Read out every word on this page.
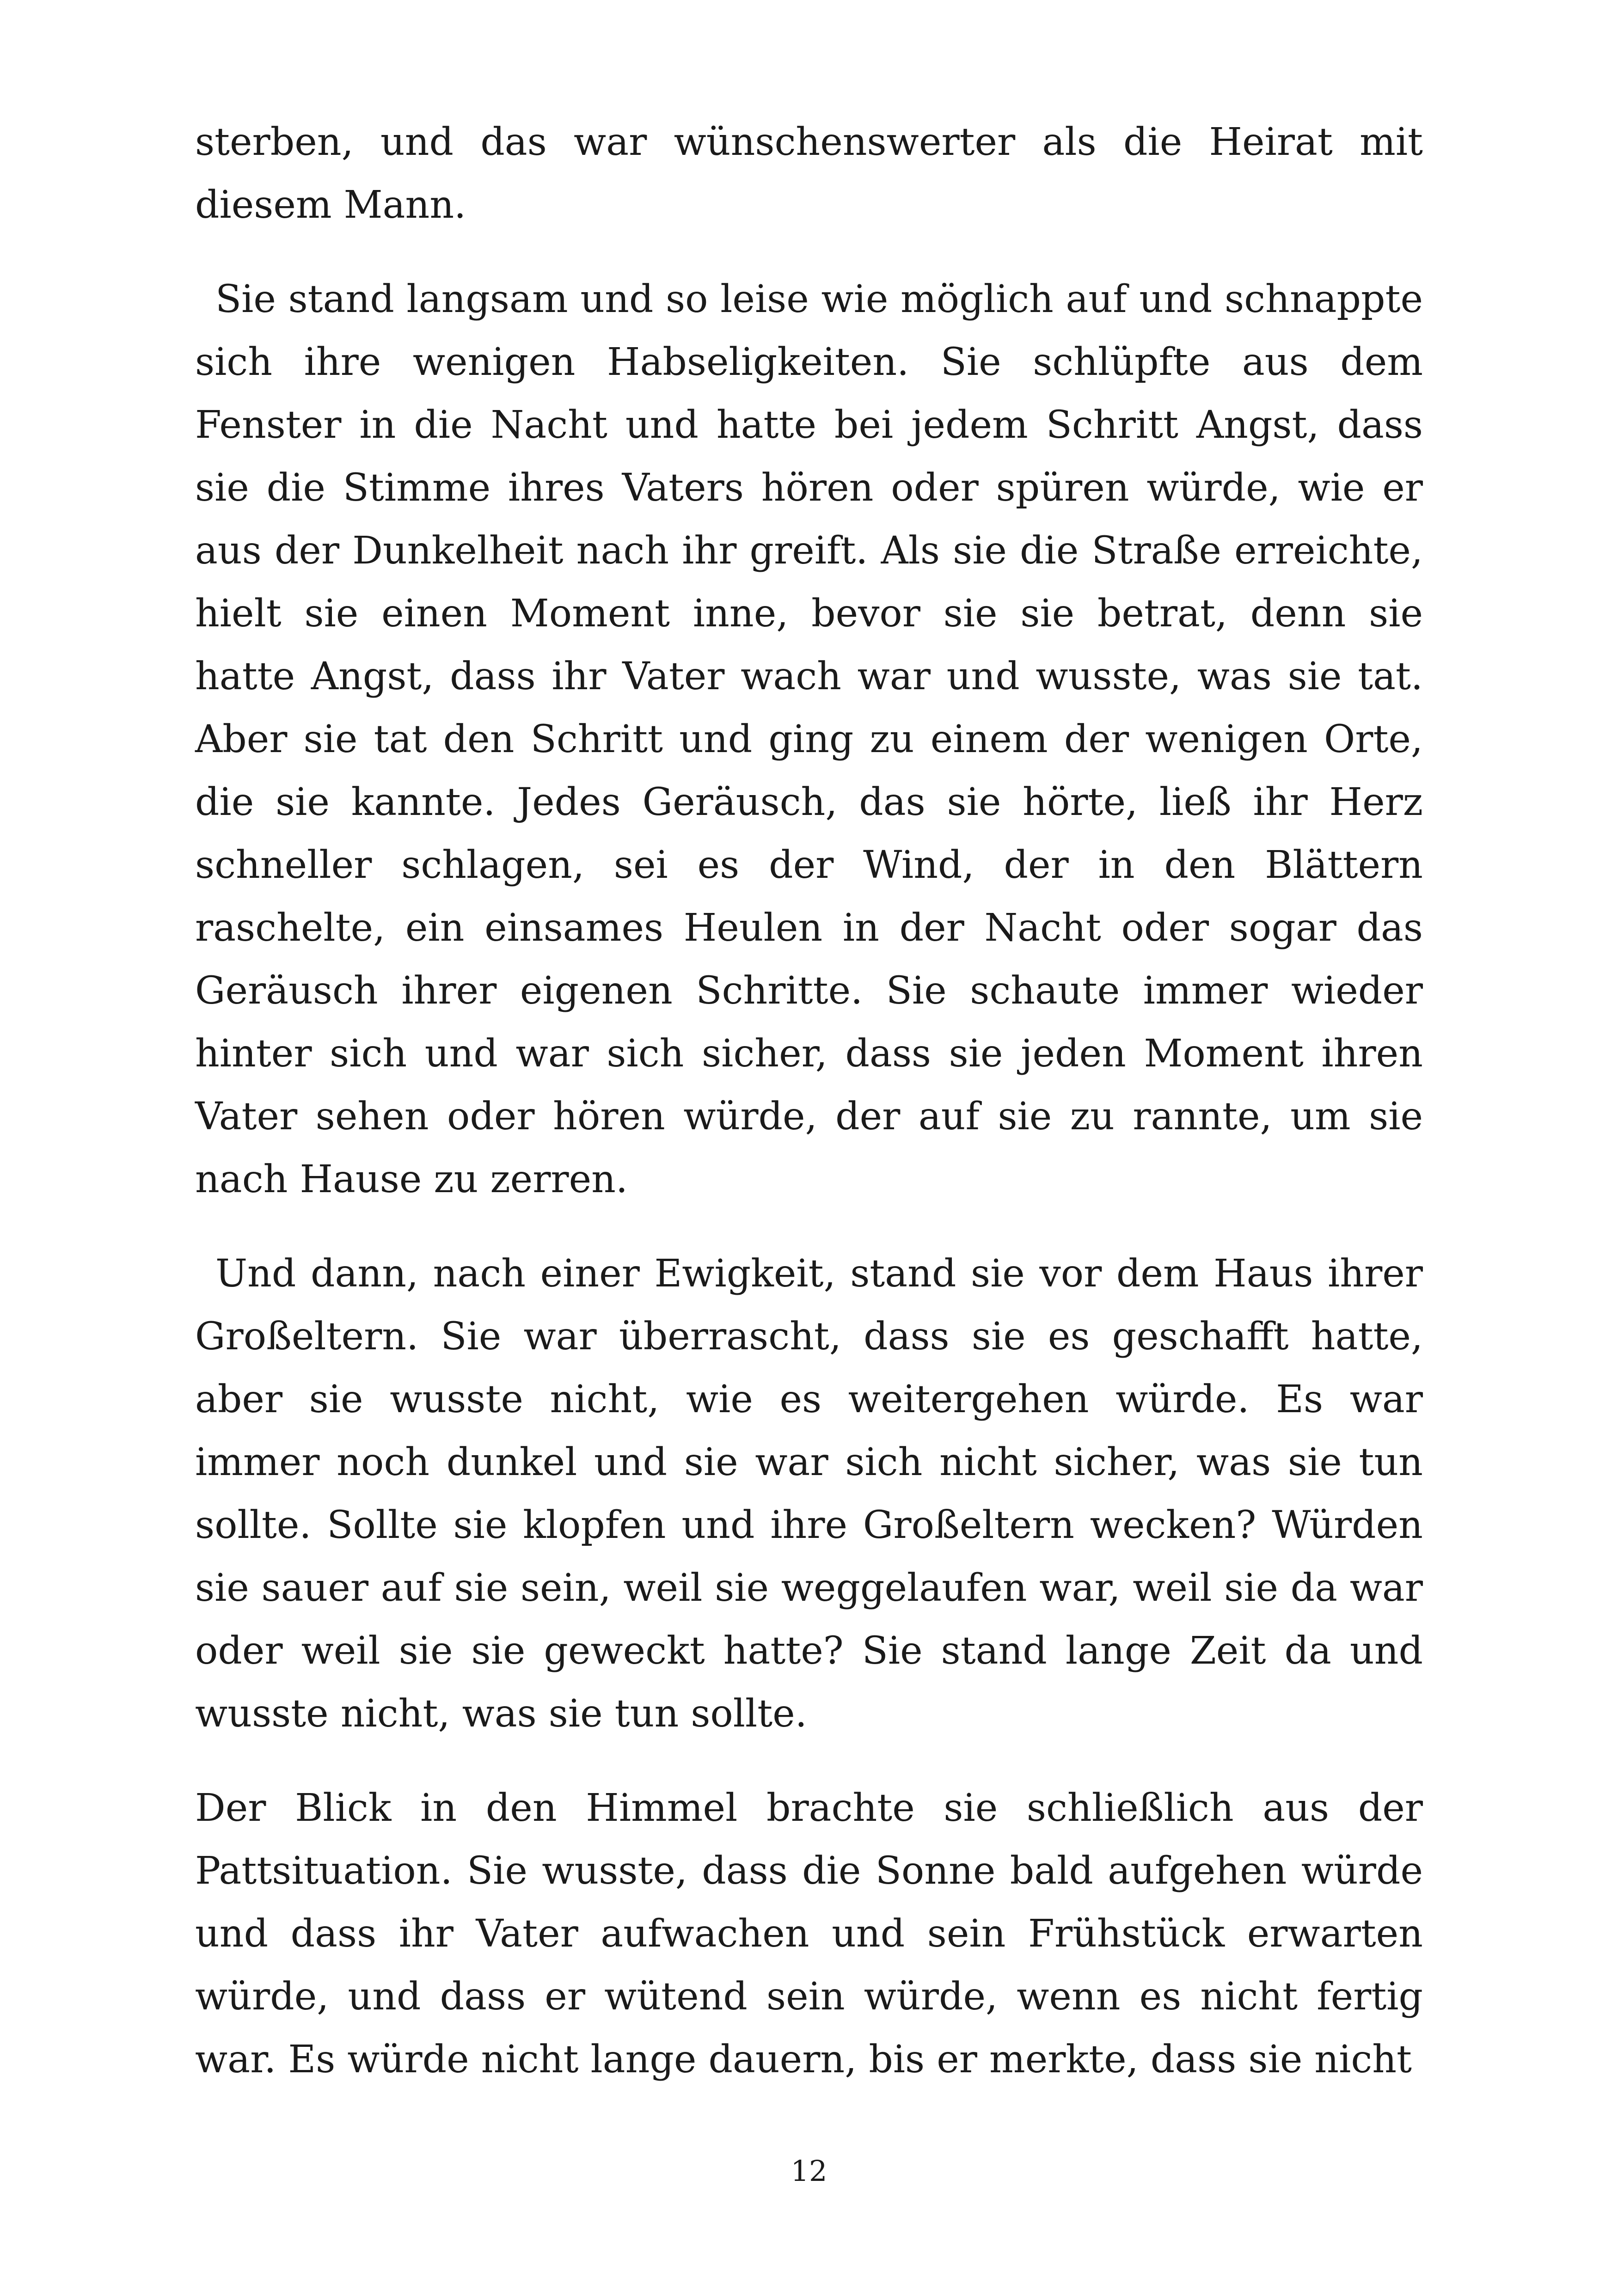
sterben, und das war wünschenswerter als die Heirat mit diesem Mann.

Sie stand langsam und so leise wie möglich auf und schnappte sich ihre wenigen Habseligkeiten. Sie schlüpfte aus dem Fenster in die Nacht und hatte bei jedem Schritt Angst, dass sie die Stimme ihres Vaters hören oder spüren würde, wie er aus der Dunkelheit nach ihr greift. Als sie die Straße erreichte, hielt sie einen Moment inne, bevor sie sie betrat, denn sie hatte Angst, dass ihr Vater wach war und wusste, was sie tat. Aber sie tat den Schritt und ging zu einem der wenigen Orte, die sie kannte. Jedes Geräusch, das sie hörte, ließ ihr Herz schneller schlagen, sei es der Wind, der in den Blättern raschelte, ein einsames Heulen in der Nacht oder sogar das Geräusch ihrer eigenen Schritte. Sie schaute immer wieder hinter sich und war sich sicher, dass sie jeden Moment ihren Vater sehen oder hören würde, der auf sie zu rannte, um sie nach Hause zu zerren.

Und dann, nach einer Ewigkeit, stand sie vor dem Haus ihrer Großeltern. Sie war überrascht, dass sie es geschafft hatte, aber sie wusste nicht, wie es weitergehen würde. Es war immer noch dunkel und sie war sich nicht sicher, was sie tun sollte. Sollte sie klopfen und ihre Großeltern wecken? Würden sie sauer auf sie sein, weil sie weggelaufen war, weil sie da war oder weil sie sie geweckt hatte? Sie stand lange Zeit da und wusste nicht, was sie tun sollte.

Der Blick in den Himmel brachte sie schließlich aus der Pattsituation. Sie wusste, dass die Sonne bald aufgehen würde und dass ihr Vater aufwachen und sein Frühstück erwarten würde, und dass er wütend sein würde, wenn es nicht fertig war. Es würde nicht lange dauern, bis er merkte, dass sie nicht

12
